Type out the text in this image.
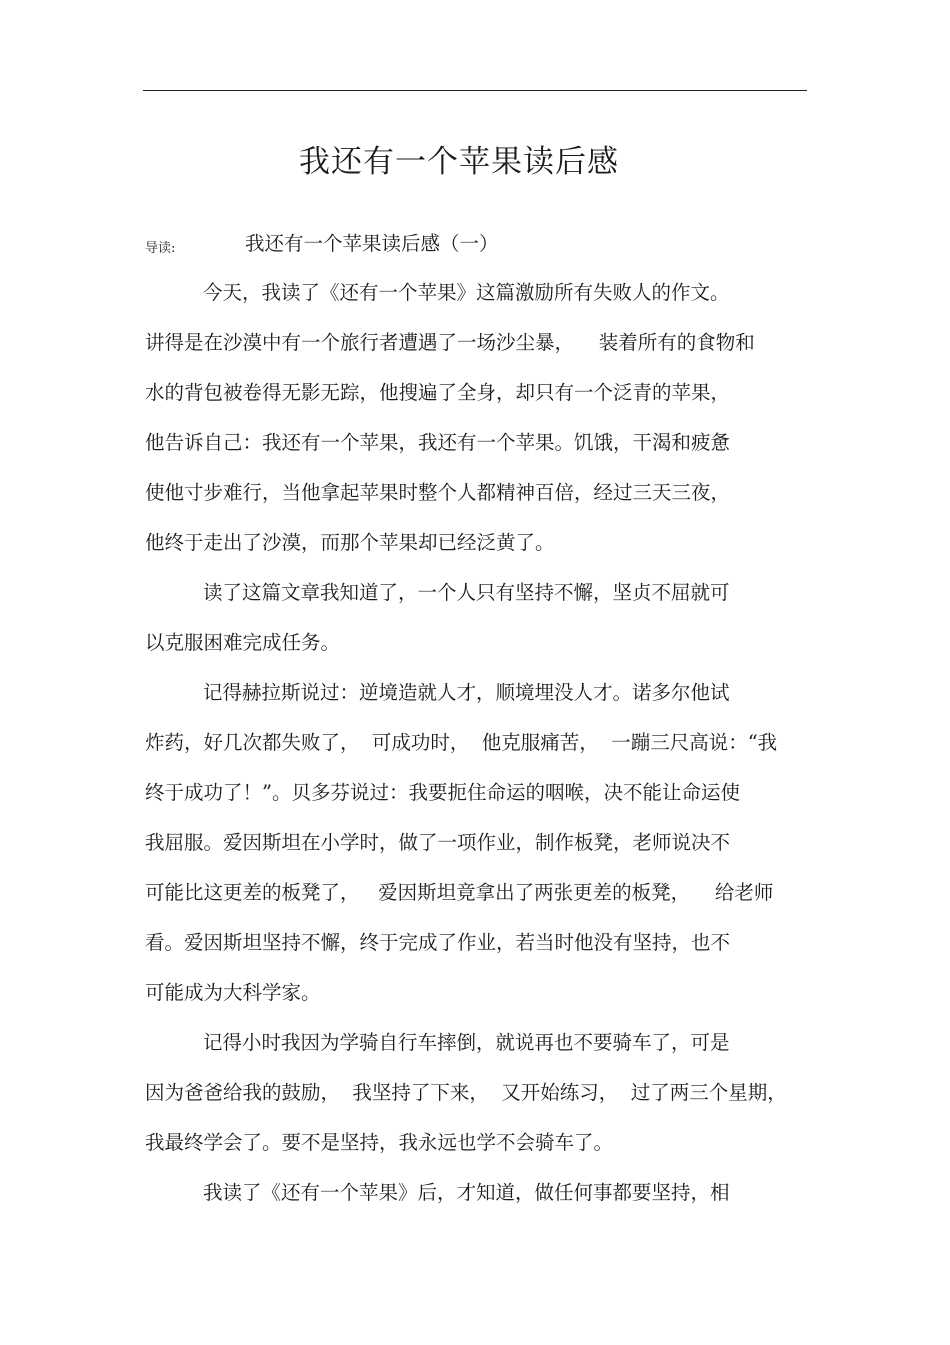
我还有一个苹果读后感
导读:	我还有一个苹果读后感（一）
今天，我读了《还有一个苹果》这篇激励所有失败人的作文。
讲得是在沙漠中有一个旅行者遭遇了一场沙尘暴，    装着所有的食物和
水的背包被卷得无影无踪，他搜遍了全身，却只有一个泛青的苹果，
他告诉自己：我还有一个苹果，我还有一个苹果。饥饿，干渴和疲惫
使他寸步难行，当他拿起苹果时整个人都精神百倍，经过三天三夜，
他终于走出了沙漠，而那个苹果却已经泛黄了。
读了这篇文章我知道了，一个人只有坚持不懈，坚贞不屈就可
以克服困难完成任务。
记得赫拉斯说过：逆境造就人才，顺境埋没人才。诺多尔他试
炸药，好几次都失败了，  可成功时，  他克服痛苦，  一蹦三尺高说：“我
终于成功了！”。贝多芬说过：我要扼住命运的咽喉，决不能让命运使
我屈服。爱因斯坦在小学时，做了一项作业，制作板凳，老师说决不
可能比这更差的板凳了，   爱因斯坦竟拿出了两张更差的板凳，    给老师
看。爱因斯坦坚持不懈，终于完成了作业，若当时他没有坚持，也不
可能成为大科学家。
记得小时我因为学骑自行车摔倒，就说再也不要骑车了，可是
因为爸爸给我的鼓励，  我坚持了下来，  又开始练习，  过了两三个星期，
我最终学会了。要不是坚持，我永远也学不会骑车了。
我读了《还有一个苹果》后，才知道，做任何事都要坚持，相
